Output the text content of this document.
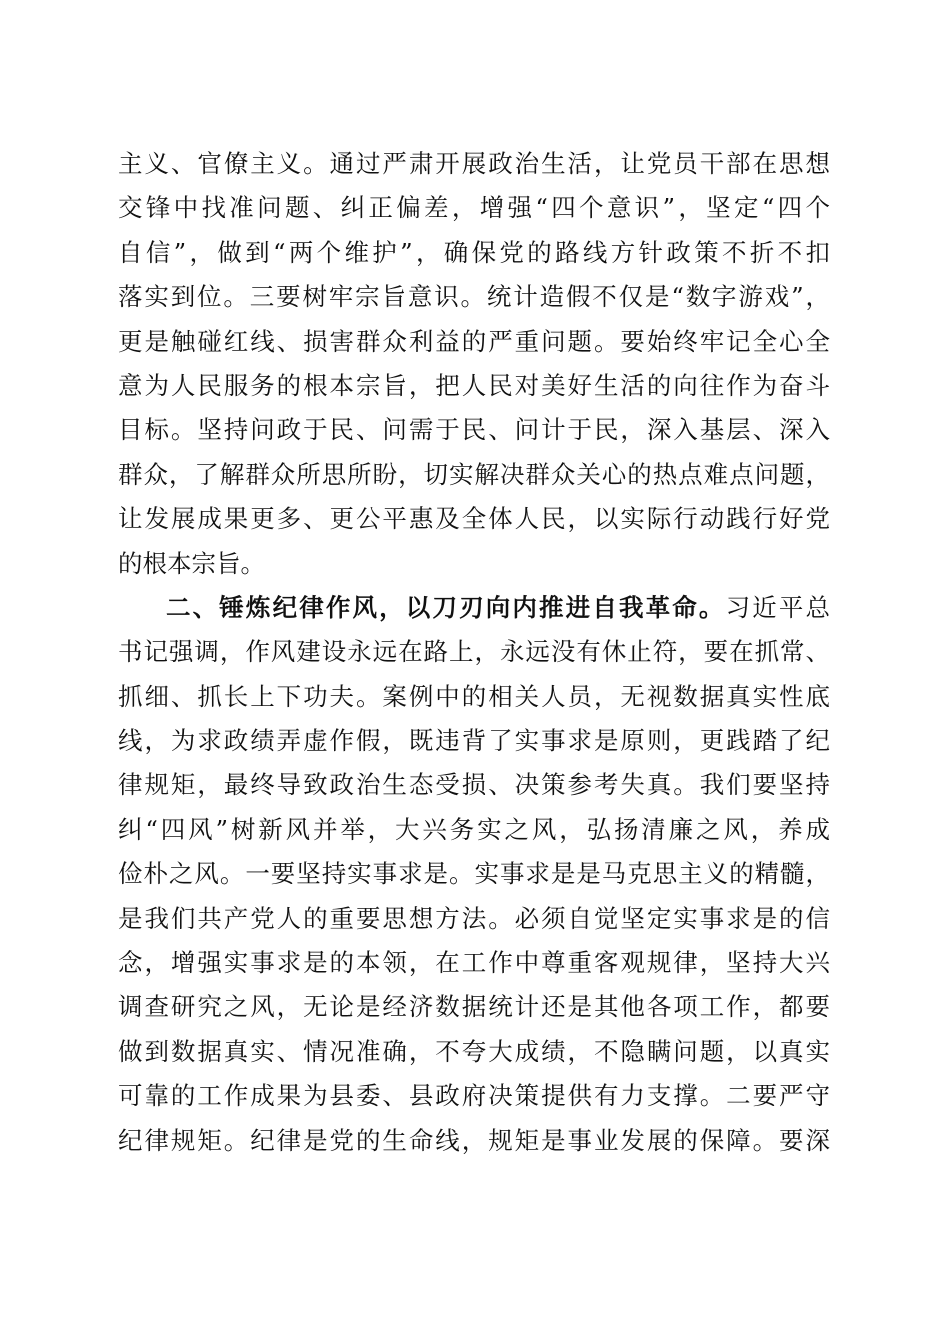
主义、官僚主义。通过严肃开展政治生活，让党员干部在思想
交锋中找准问题、纠正偏差，增强“四个意识”，坚定“四个
自信”，做到“两个维护”，确保党的路线方针政策不折不扣
落实到位。三要树牢宗旨意识。统计造假不仅是“数字游戏”，
更是触碰红线、损害群众利益的严重问题。要始终牢记全心全
意为人民服务的根本宗旨，把人民对美好生活的向往作为奋斗
目标。坚持问政于民、问需于民、问计于民，深入基层、深入
群众，了解群众所思所盼，切实解决群众关心的热点难点问题，
让发展成果更多、更公平惠及全体人民，以实际行动践行好党
的根本宗旨。
二、锤炼纪律作风，以刀刃向内推进自我革命。习近平总
书记强调，作风建设永远在路上，永远没有休止符，要在抓常、
抓细、抓长上下功夫。案例中的相关人员，无视数据真实性底
线，为求政绩弄虚作假，既违背了实事求是原则，更践踏了纪
律规矩，最终导致政治生态受损、决策参考失真。我们要坚持
纠“四风”树新风并举，大兴务实之风，弘扬清廉之风，养成
俭朴之风。一要坚持实事求是。实事求是是马克思主义的精髓，
是我们共产党人的重要思想方法。必须自觉坚定实事求是的信
念，增强实事求是的本领，在工作中尊重客观规律，坚持大兴
调查研究之风，无论是经济数据统计还是其他各项工作，都要
做到数据真实、情况准确，不夸大成绩，不隐瞒问题，以真实
可靠的工作成果为县委、县政府决策提供有力支撑。二要严守
纪律规矩。纪律是党的生命线，规矩是事业发展的保障。要深
